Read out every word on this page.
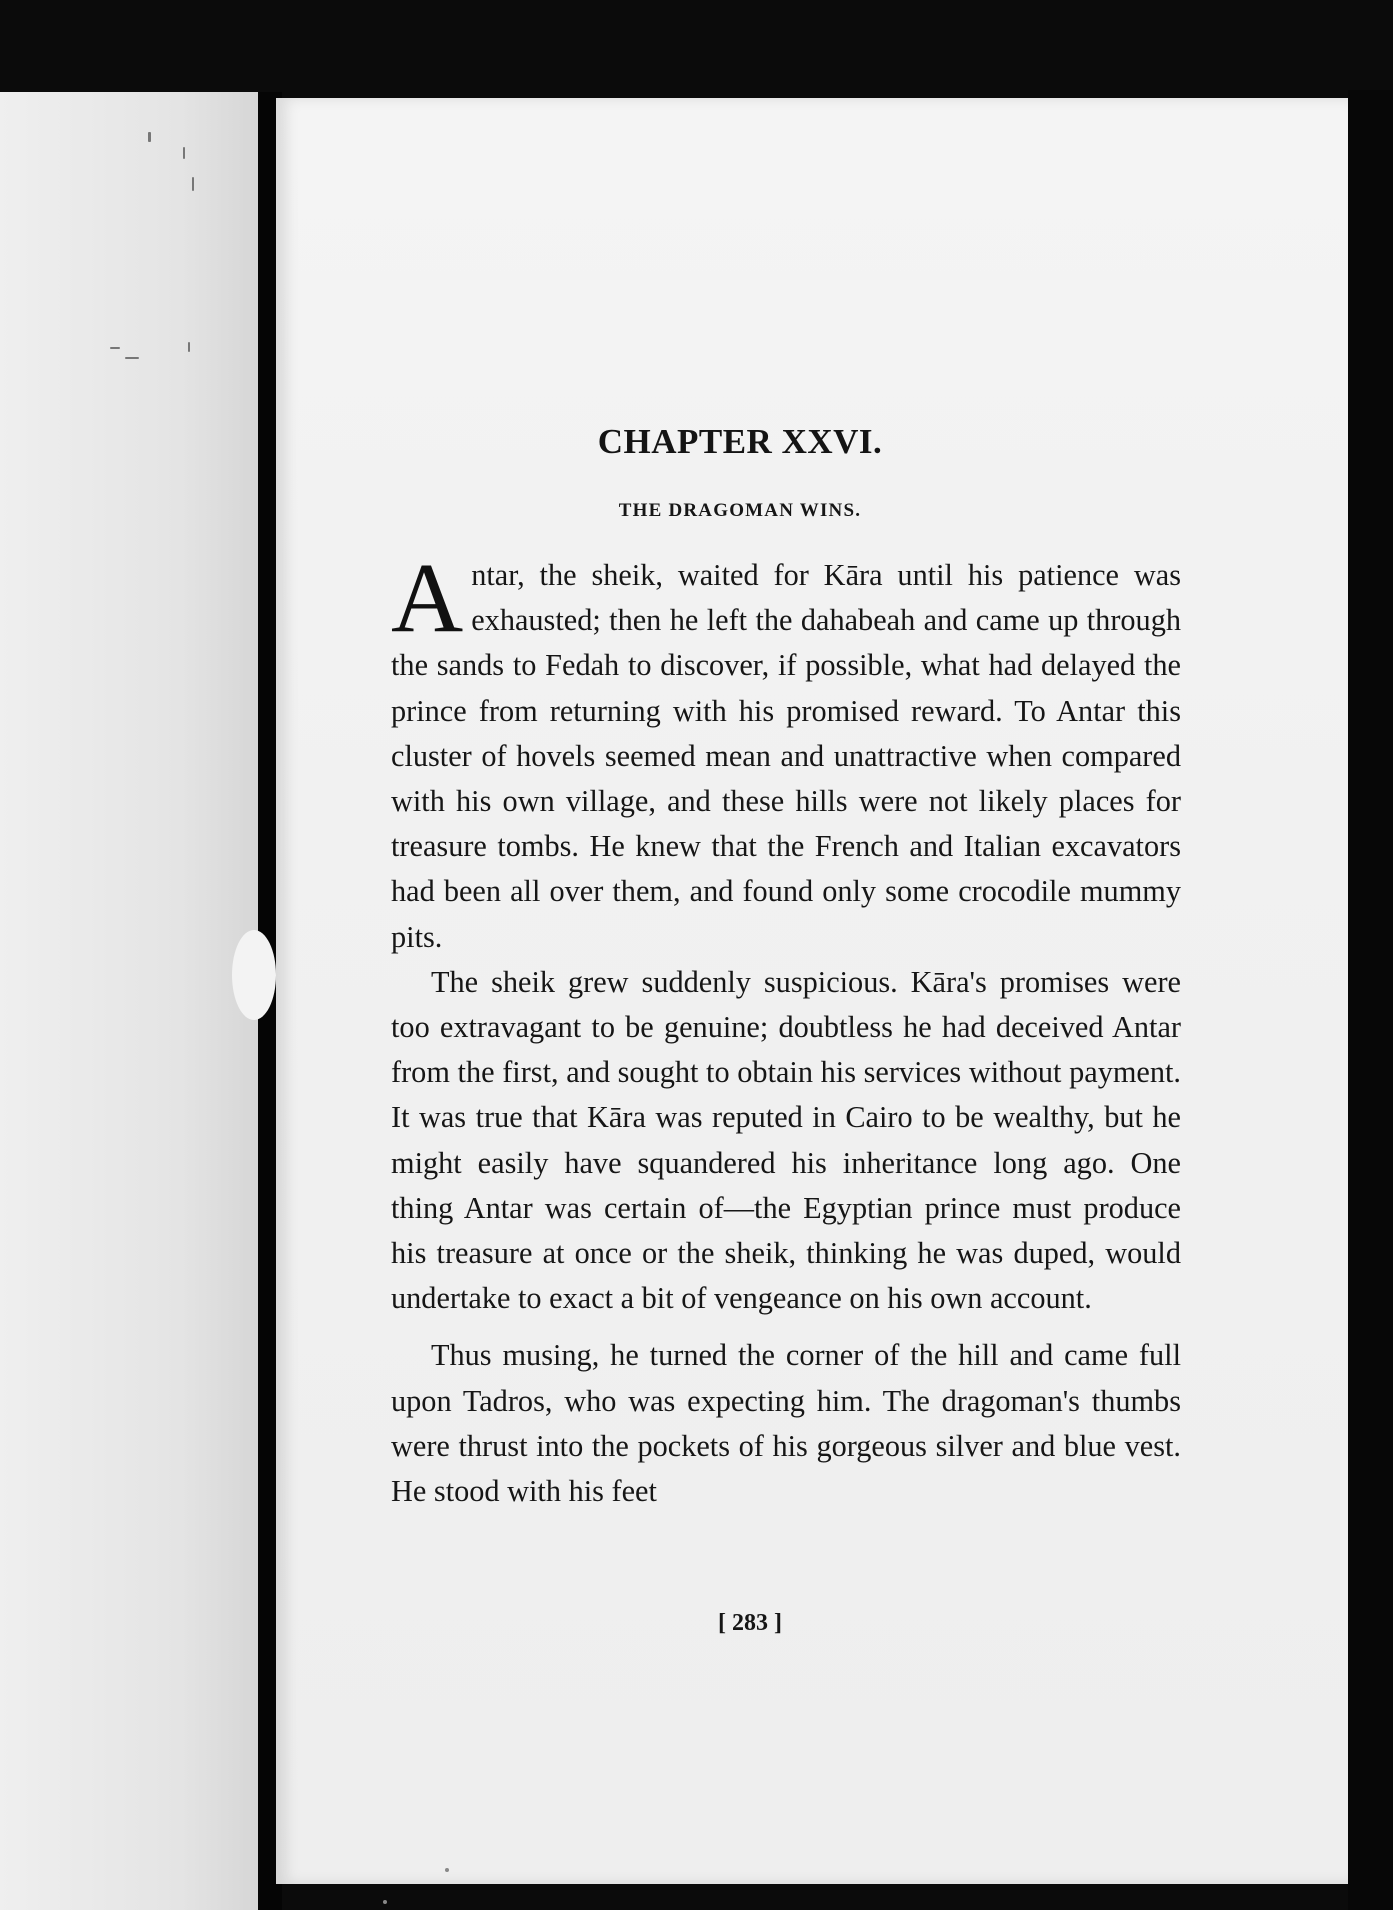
CHAPTER XXVI.
THE DRAGOMAN WINS.

Antar, the sheik, waited for Kāra until his patience was exhausted; then he left the dahabeah and came up through the sands to Fedah to discover, if possible, what had delayed the prince from returning with his promised reward. To Antar this cluster of hovels seemed mean and unattractive when compared with his own village, and these hills were not likely places for treasure tombs. He knew that the French and Italian excavators had been all over them, and found only some crocodile mummy pits.

The sheik grew suddenly suspicious. Kāra's promises were too extravagant to be genuine; doubtless he had deceived Antar from the first, and sought to obtain his services without payment. It was true that Kāra was reputed in Cairo to be wealthy, but he might easily have squandered his inheritance long ago. One thing Antar was certain of—the Egyptian prince must produce his treasure at once or the sheik, thinking he was duped, would undertake to exact a bit of vengeance on his own account.

Thus musing, he turned the corner of the hill and came full upon Tadros, who was expecting him. The dragoman's thumbs were thrust into the pockets of his gorgeous silver and blue vest. He stood with his feet

[ 283 ]
